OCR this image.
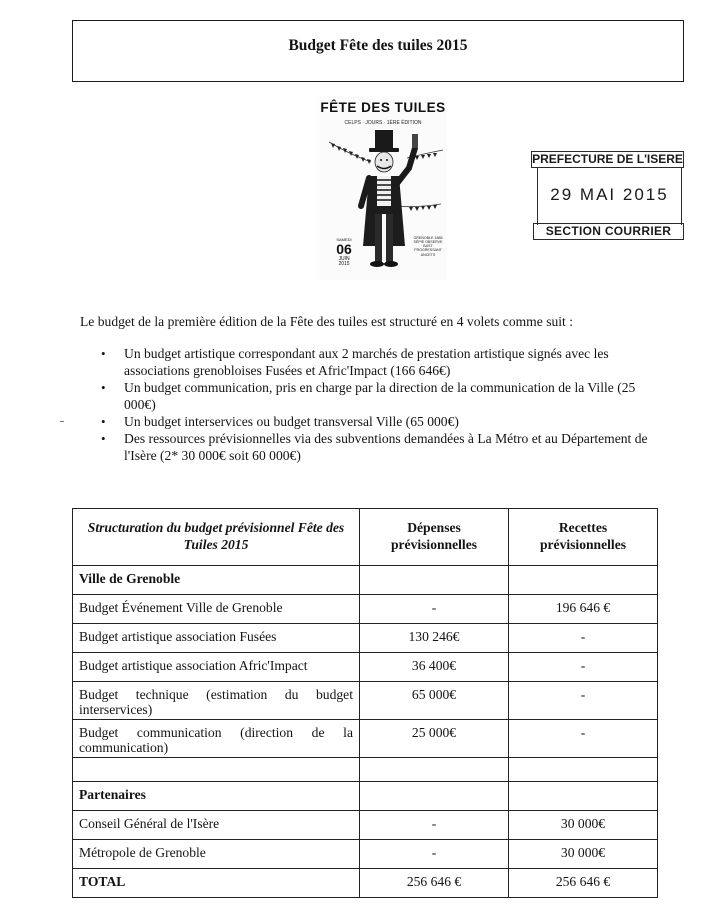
Budget Fête des tuiles 2015
FÊTE DES TUILES
CELPS · JOURS · 1ÈRE ÉDITION
SAMEDI
06
JUIN
2015
GRENOBLE 1885 SÉPIE OBSERVE BAST PROGRESSANT ANCETS
PREFECTURE DE L'ISERE
29 MAI 2015
SECTION COURRIER
Le budget de la première édition de la Fête des tuiles est structuré en 4 volets comme suit :
• Un budget artistique correspondant aux 2 marchés de prestation artistique signés avec les associations grenobloises Fusées et Afric'Impact (166 646€)
• Un budget communication, pris en charge par la direction de la communication de la Ville (25 000€)
• Un budget interservices ou budget transversal Ville (65 000€)
• Des ressources prévisionnelles via des subventions demandées à La Métro et au Département de l'Isère (2* 30 000€ soit 60 000€)
Structuration du budget prévisionnel Fête des Tuiles 2015	Dépenses prévisionnelles	Recettes prévisionnelles
Ville de Grenoble		
Budget Événement Ville de Grenoble	-	196 646 €
Budget artistique association Fusées	130 246€	-
Budget artistique association Afric'Impact	36 400€	-
Budget technique (estimation du budget interservices)	65 000€	-
Budget communication (direction de la communication)	25 000€	-

Partenaires		
Conseil Général de l'Isère	-	30 000€
Métropole de Grenoble	-	30 000€
TOTAL	256 646 €	256 646 €
